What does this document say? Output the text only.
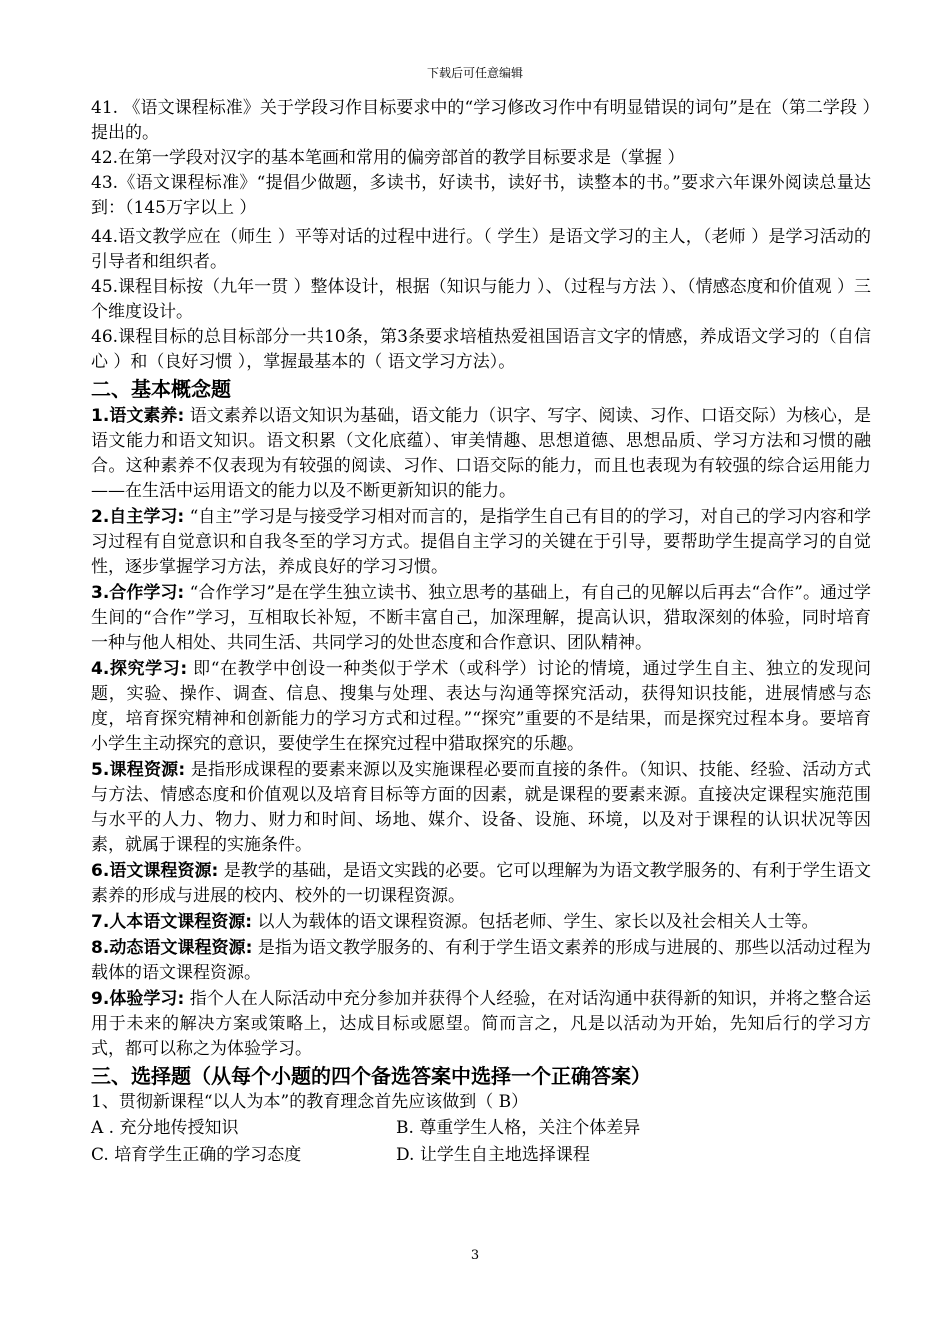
下载后可任意编辑

41. 《语文课程标准》关于学段习作目标要求中的“学习修改习作中有明显错误的词句”是在（第二学段 ）提出的。

42.在第一学段对汉字的基本笔画和常用的偏旁部首的教学目标要求是（掌握 ）

43.《语文课程标准》“提倡少做题，多读书，好读书，读好书，读整本的书。”要求六年课外阅读总量达到：（145万字以上 ）

44.语文教学应在（师生 ）平等对话的过程中进行。（ 学生）是语文学习的主人，（老师 ）是学习活动的引导者和组织者。

45.课程目标按（九年一贯 ）整体设计，根据（知识与能力 ）、（过程与方法 ）、（情感态度和价值观 ）三个维度设计。

46.课程目标的总目标部分一共10条，第3条要求培植热爱祖国语言文字的情感，养成语文学习的（自信心 ）和（良好习惯 ），掌握最基本的（ 语文学习方法）。

二、基本概念题

1.语文素养: 语文素养以语文知识为基础，语文能力（识字、写字、阅读、习作、口语交际）为核心，是语文能力和语文知识。语文积累（文化底蕴）、审美情趣、思想道德、思想品质、学习方法和习惯的融合。这种素养不仅表现为有较强的阅读、习作、口语交际的能力，而且也表现为有较强的综合运用能力——在生活中运用语文的能力以及不断更新知识的能力。

2.自主学习: “自主”学习是与接受学习相对而言的，是指学生自己有目的的学习，对自己的学习内容和学习过程有自觉意识和自我冬至的学习方式。提倡自主学习的关键在于引导，要帮助学生提高学习的自觉性，逐步掌握学习方法，养成良好的学习习惯。

3.合作学习: “合作学习”是在学生独立读书、独立思考的基础上，有自己的见解以后再去“合作”。通过学生间的“合作”学习，互相取长补短，不断丰富自己，加深理解，提高认识，猎取深刻的体验，同时培育一种与他人相处、共同生活、共同学习的处世态度和合作意识、团队精神。

4.探究学习: 即“在教学中创设一种类似于学术（或科学）讨论的情境，通过学生自主、独立的发现问题，实验、操作、调查、信息、搜集与处理、表达与沟通等探究活动，获得知识技能，进展情感与态度，培育探究精神和创新能力的学习方式和过程。”“探究”重要的不是结果，而是探究过程本身。要培育小学生主动探究的意识，要使学生在探究过程中猎取探究的乐趣。

5.课程资源: 是指形成课程的要素来源以及实施课程必要而直接的条件。（知识、技能、经验、活动方式与方法、情感态度和价值观以及培育目标等方面的因素，就是课程的要素来源。直接决定课程实施范围与水平的人力、物力、财力和时间、场地、媒介、设备、设施、环境，以及对于课程的认识状况等因素，就属于课程的实施条件。

6.语文课程资源: 是教学的基础，是语文实践的必要。它可以理解为为语文教学服务的、有利于学生语文素养的形成与进展的校内、校外的一切课程资源。

7.人本语文课程资源: 以人为载体的语文课程资源。包括老师、学生、家长以及社会相关人士等。

8.动态语文课程资源: 是指为语文教学服务的、有利于学生语文素养的形成与进展的、那些以活动过程为载体的语文课程资源。

9.体验学习: 指个人在人际活动中充分参加并获得个人经验，在对话沟通中获得新的知识，并将之整合运用于未来的解决方案或策略上，达成目标或愿望。简而言之，凡是以活动为开始，先知后行的学习方式，都可以称之为体验学习。

三、选择题（从每个小题的四个备选答案中选择一个正确答案）

1、贯彻新课程“以人为本”的教育理念首先应该做到（ B）

A . 充分地传授知识	B. 尊重学生人格，关注个体差异
C. 培育学生正确的学习态度	D. 让学生自主地选择课程
3
